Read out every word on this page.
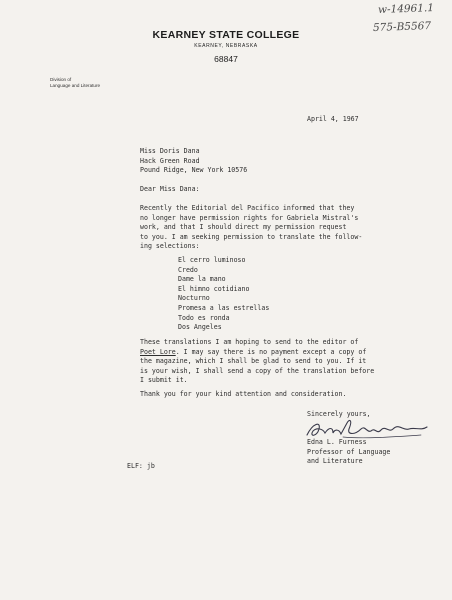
w-14961.1
575-B5567
KEARNEY STATE COLLEGE
KEARNEY, NEBRASKA
68847
Division of
Language and Literature
April 4, 1967
Miss Doris Dana
Hack Green Road
Pound Ridge, New York 10576
Dear Miss Dana:
Recently the Editorial del Pacifico informed that they
no longer have permission rights for Gabriela Mistral's
work, and that I should direct my permission request
to you. I am seeking permission to translate the follow-
ing selections:
El cerro luminoso
Credo
Dame la mano
El himno cotidiano
Nocturno
Promesa a las estrellas
Todo es ronda
Dos Angeles
These translations I am hoping to send to the editor of
Poet Lore. I may say there is no payment except a copy of
the magazine, which I shall be glad to send to you. If it
is your wish, I shall send a copy of the translation before
I submit it.
Thank you for your kind attention and consideration.
Sincerely yours,
Edna L. Furness
Professor of Language
and Literature
ELF: jb
